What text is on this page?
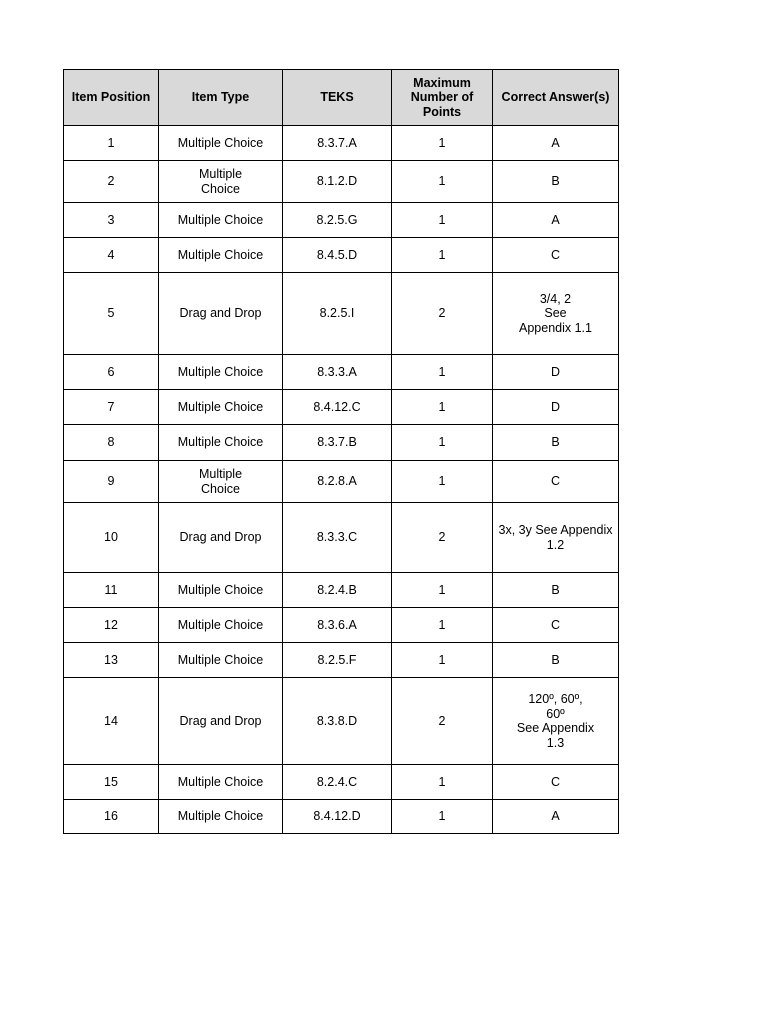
Item Position	Item Type	TEKS	Maximum
Number of
Points	Correct Answer(s)
1	Multiple Choice	8.3.7.A	1	A
2	Multiple
Choice	8.1.2.D	1	B
3	Multiple Choice	8.2.5.G	1	A
4	Multiple Choice	8.4.5.D	1	C
5	Drag and Drop	8.2.5.I	2	3/4, 2
See
Appendix 1.1
6	Multiple Choice	8.3.3.A	1	D
7	Multiple Choice	8.4.12.C	1	D
8	Multiple Choice	8.3.7.B	1	B
9	Multiple
Choice	8.2.8.A	1	C
10	Drag and Drop	8.3.3.C	2	3x, 3y See Appendix
1.2
11	Multiple Choice	8.2.4.B	1	B
12	Multiple Choice	8.3.6.A	1	C
13	Multiple Choice	8.2.5.F	1	B
14	Drag and Drop	8.3.8.D	2	120º, 60º,
60º
See Appendix
1.3
15	Multiple Choice	8.2.4.C	1	C
16	Multiple Choice	8.4.12.D	1	A
